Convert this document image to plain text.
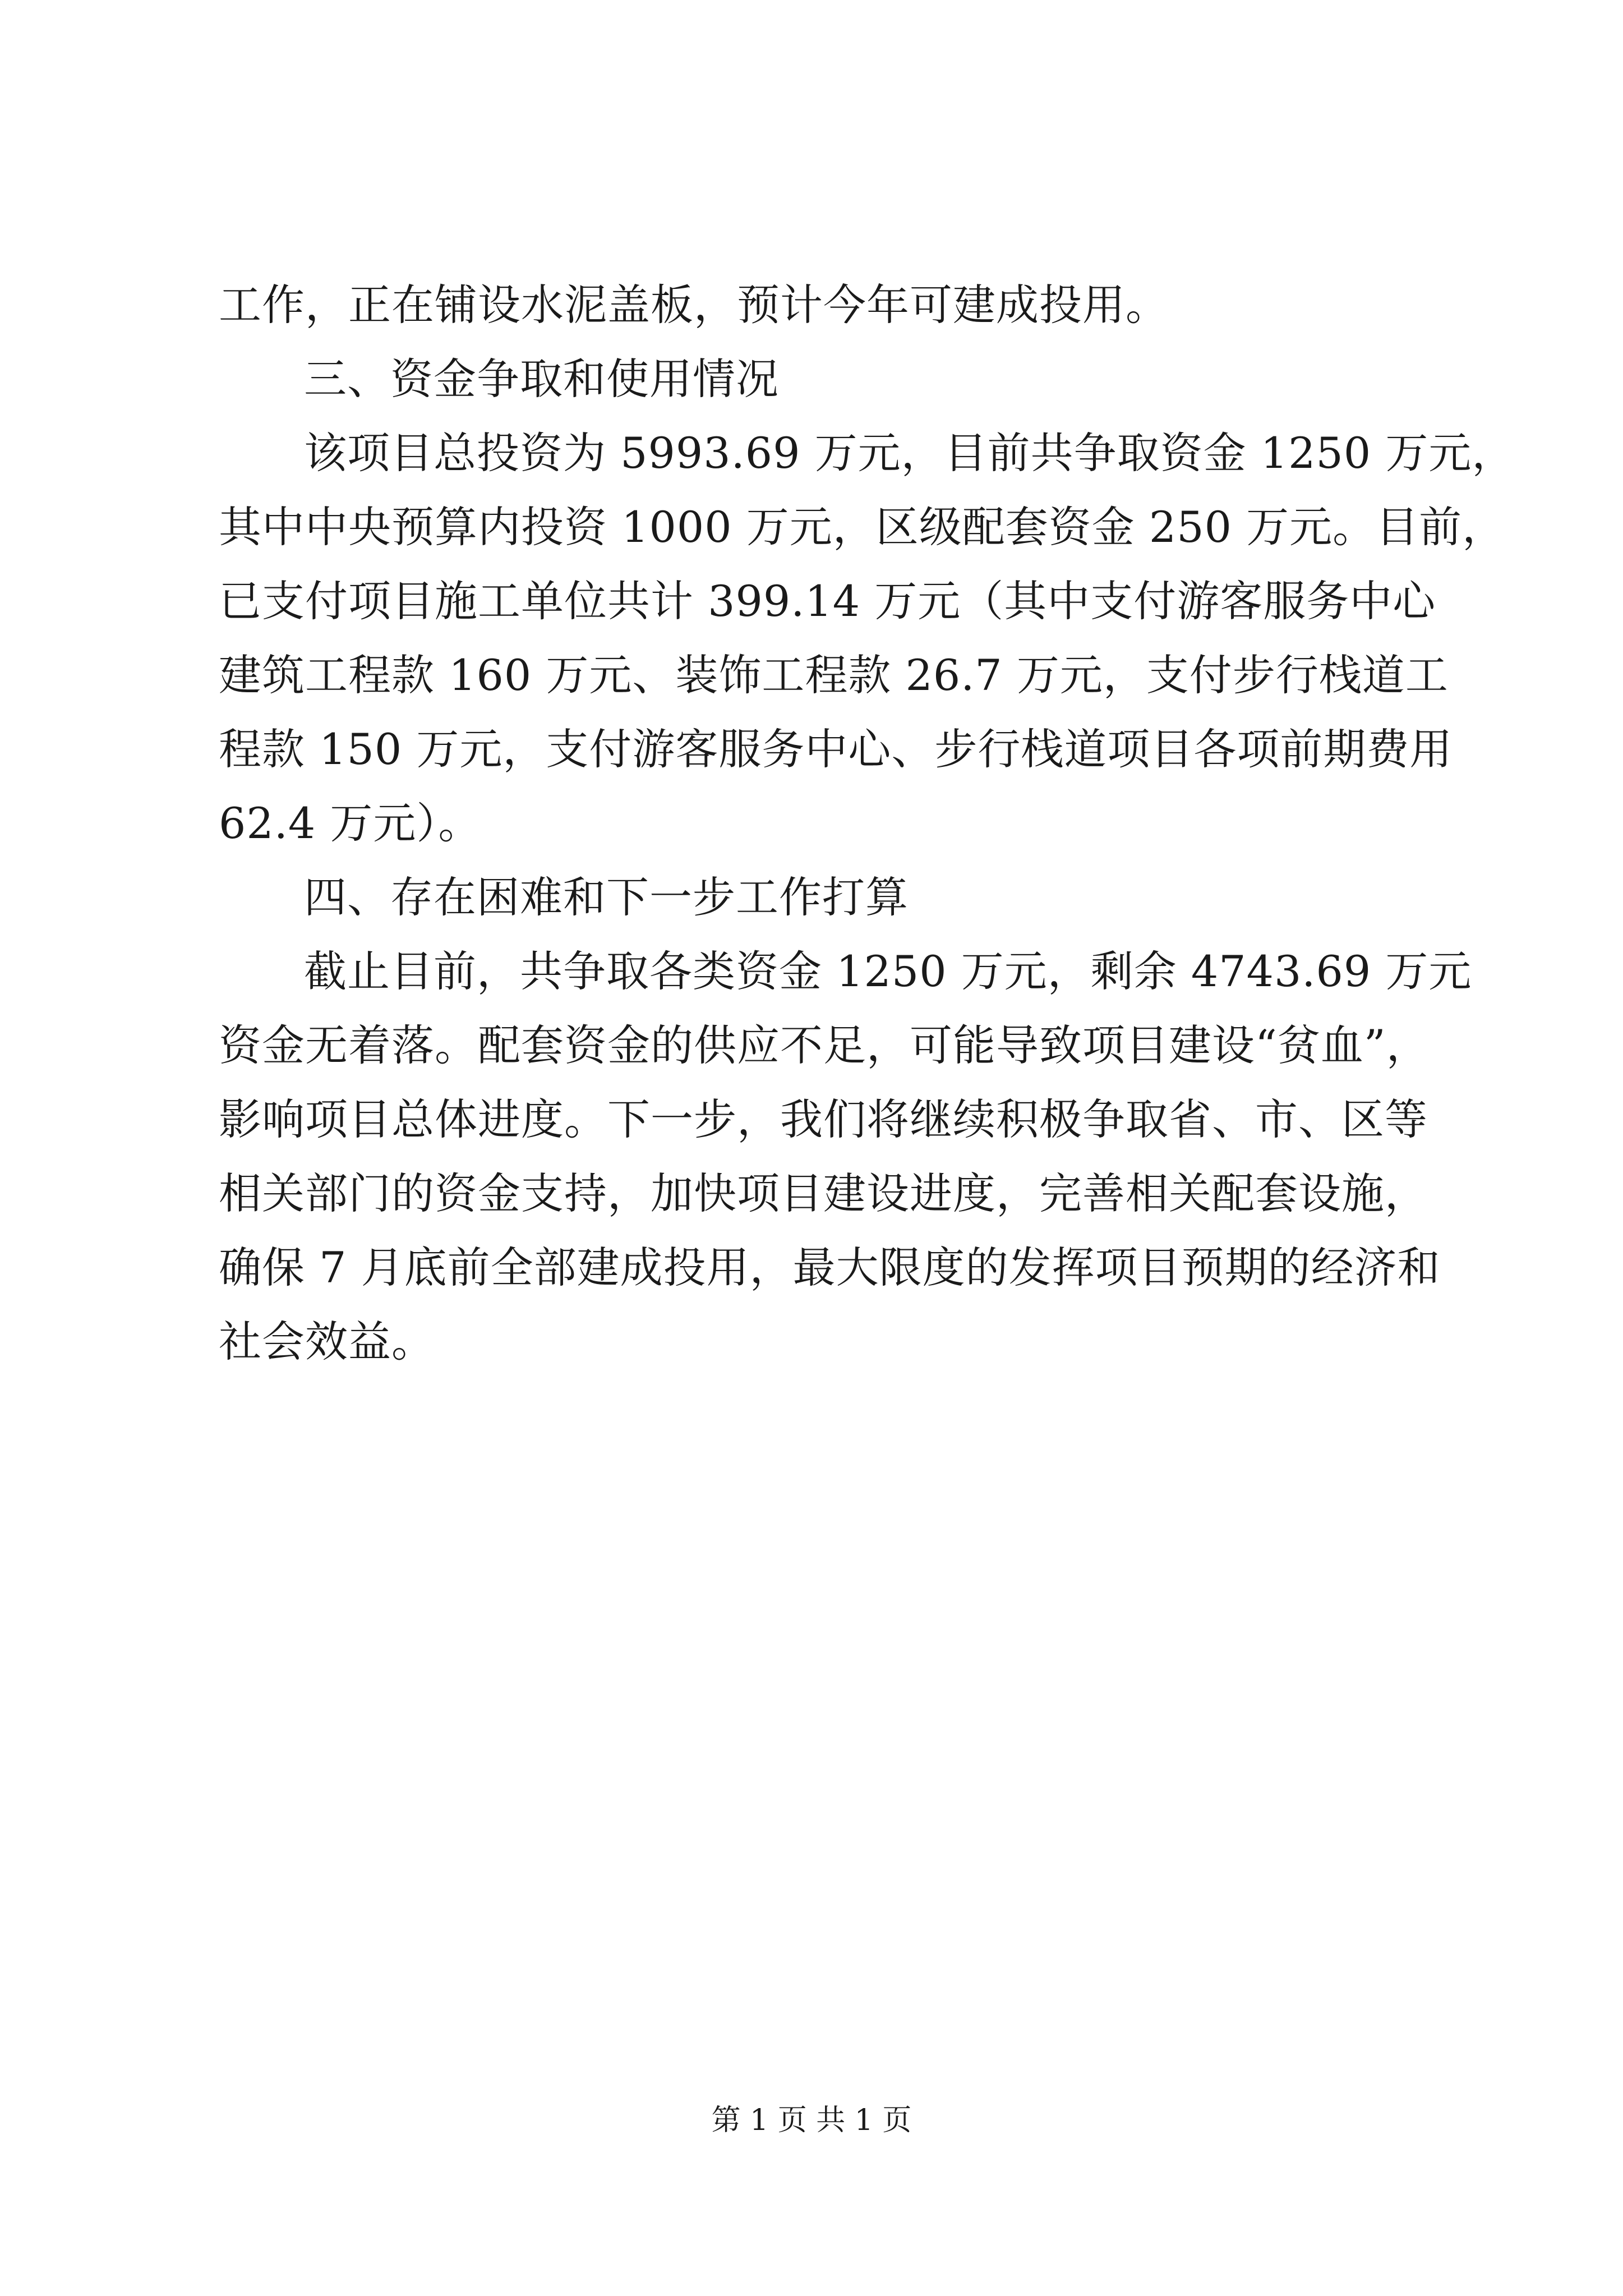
工作，正在铺设水泥盖板，预计今年可建成投用。
三、资金争取和使用情况
该项目总投资为 5993.69 万元，目前共争取资金 1250 万元，
其中中央预算内投资 1000 万元，区级配套资金 250 万元。目前，
已支付项目施工单位共计 399.14 万元（其中支付游客服务中心
建筑工程款 160 万元、装饰工程款 26.7 万元，支付步行栈道工
程款 150 万元，支付游客服务中心、步行栈道项目各项前期费用
62.4 万元）。
四、存在困难和下一步工作打算
截止目前，共争取各类资金 1250 万元，剩余 4743.69 万元
资金无着落。配套资金的供应不足，可能导致项目建设“贫血”，
影响项目总体进度。下一步，我们将继续积极争取省、市、区等
相关部门的资金支持，加快项目建设进度，完善相关配套设施，
确保 7 月底前全部建成投用，最大限度的发挥项目预期的经济和
社会效益。
第 1 页 共 1 页
